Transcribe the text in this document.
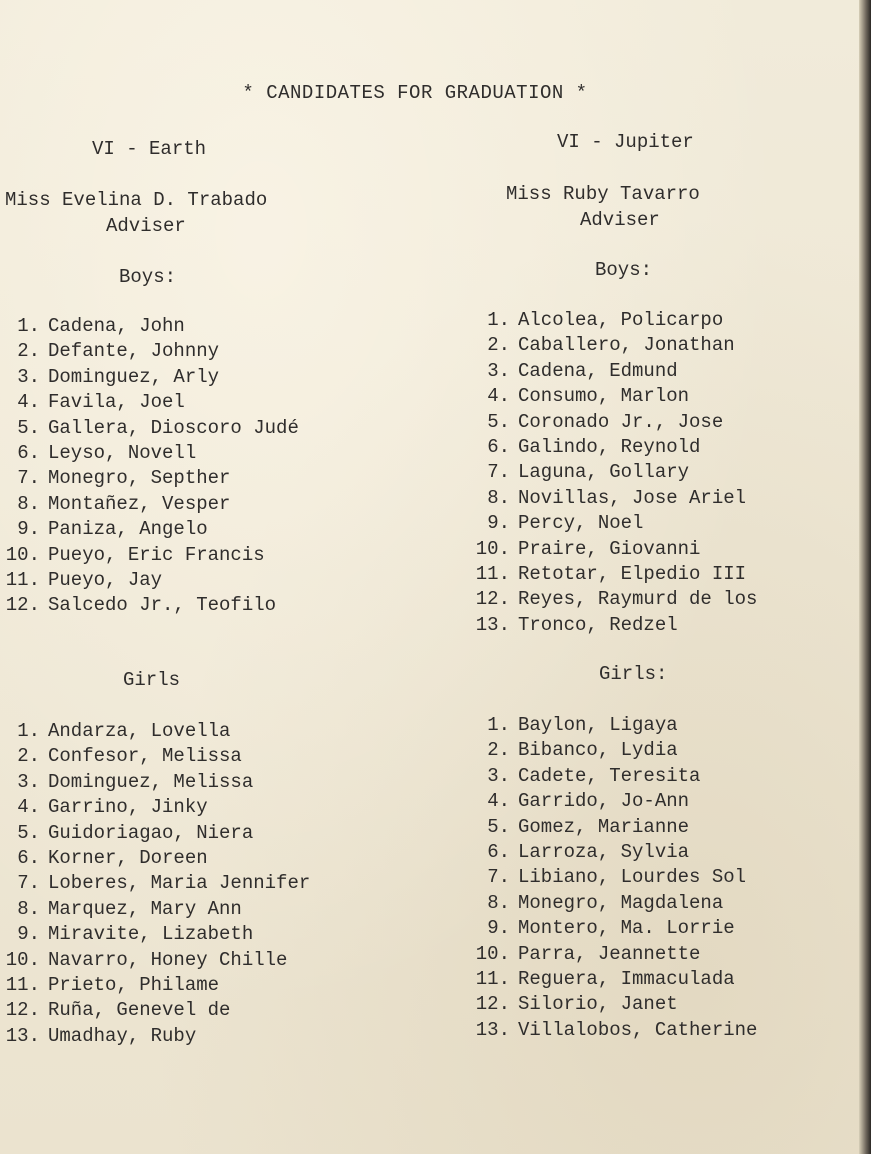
* CANDIDATES FOR GRADUATION *
VI - Earth
Miss Evelina D. Trabado
Adviser
Boys:
1. Cadena, John
2. Defante, Johnny
3. Dominguez, Arly
4. Favila, Joel
5. Gallera, Dioscoro Judé
6. Leyso, Novell
7. Monegro, Septher
8. Montañez, Vesper
9. Paniza, Angelo
10. Pueyo, Eric Francis
11. Pueyo, Jay
12. Salcedo Jr., Teofilo
Girls
1. Andarza, Lovella
2. Confesor, Melissa
3. Dominguez, Melissa
4. Garrino, Jinky
5. Guidoriagao, Niera
6. Korner, Doreen
7. Loberes, Maria Jennifer
8. Marquez, Mary Ann
9. Miravite, Lizabeth
10. Navarro, Honey Chille
11. Prieto, Philame
12. Ruña, Genevel de
13. Umadhay, Ruby
VI - Jupiter
Miss Ruby Tavarro
Adviser
Boys:
1. Alcolea, Policarpo
2. Caballero, Jonathan
3. Cadena, Edmund
4. Consumo, Marlon
5. Coronado Jr., Jose
6. Galindo, Reynold
7. Laguna, Gollary
8. Novillas, Jose Ariel
9. Percy, Noel
10. Praire, Giovanni
11. Retotar, Elpedio III
12. Reyes, Raymurd de los
13. Tronco, Redzel
Girls:
1. Baylon, Ligaya
2. Bibanco, Lydia
3. Cadete, Teresita
4. Garrido, Jo-Ann
5. Gomez, Marianne
6. Larroza, Sylvia
7. Libiano, Lourdes Sol
8. Monegro, Magdalena
9. Montero, Ma. Lorrie
10. Parra, Jeannette
11. Reguera, Immaculada
12. Silorio, Janet
13. Villalobos, Catherine
